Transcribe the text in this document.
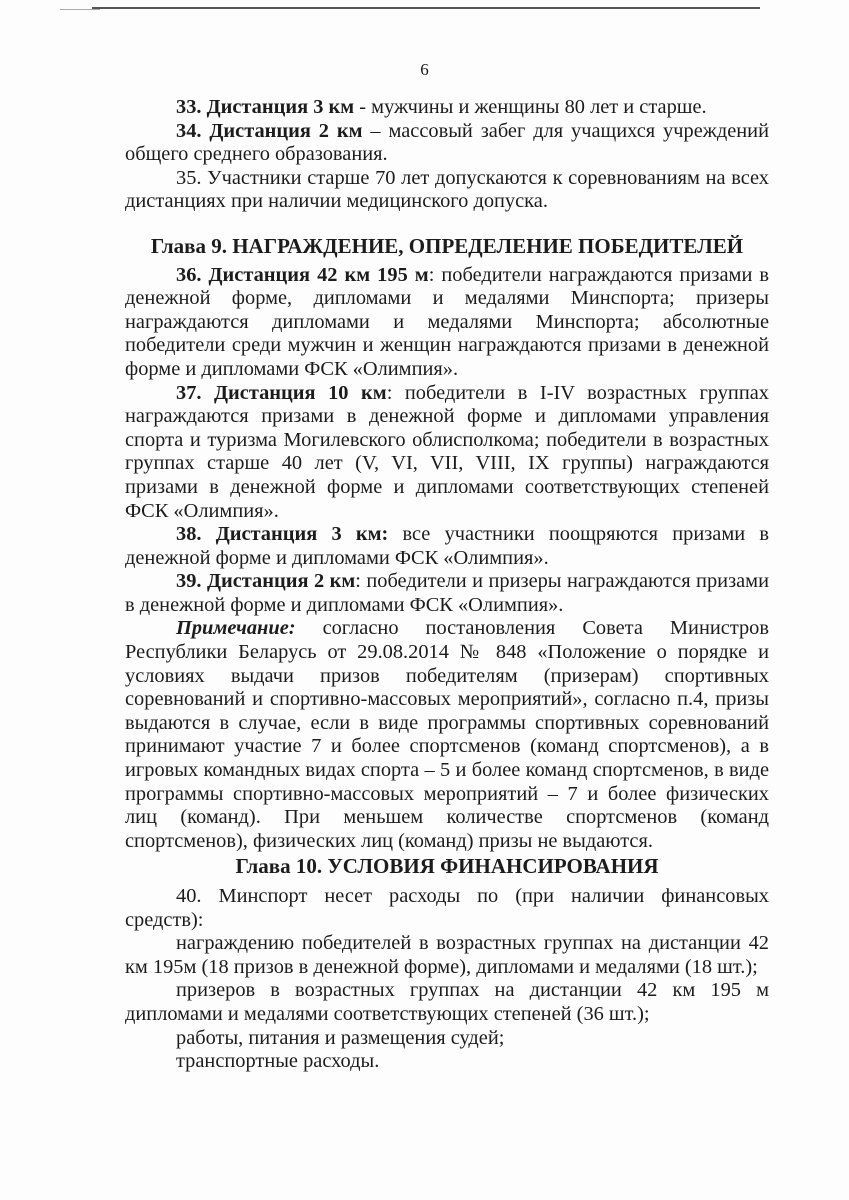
6

33. Дистанция 3 км - мужчины и женщины 80 лет и старше.

34. Дистанция 2 км – массовый забег для учащихся учреждений общего среднего образования.

35. Участники старше 70 лет допускаются к соревнованиям на всех дистанциях при наличии медицинского допуска.

Глава 9. НАГРАЖДЕНИЕ, ОПРЕДЕЛЕНИЕ ПОБЕДИТЕЛЕЙ

36. Дистанция 42 км 195 м: победители награждаются призами в денежной форме, дипломами и медалями Минспорта; призеры награждаются дипломами и медалями Минспорта; абсолютные победители среди мужчин и женщин награждаются призами в денежной форме и дипломами ФСК «Олимпия».

37. Дистанция 10 км: победители в I-IV возрастных группах награждаются призами в денежной форме и дипломами управления спорта и туризма Могилевского облисполкома; победители в возрастных группах старше 40 лет (V, VI, VII, VIII, IX группы) награждаются призами в денежной форме и дипломами соответствующих степеней ФСК «Олимпия».

38. Дистанция 3 км: все участники поощряются призами в денежной форме и дипломами ФСК «Олимпия».

39. Дистанция 2 км: победители и призеры награждаются призами в денежной форме и дипломами ФСК «Олимпия».

Примечание: согласно постановления Совета Министров Республики Беларусь от 29.08.2014 № 848 «Положение о порядке и условиях выдачи призов победителям (призерам) спортивных соревнований и спортивно-массовых мероприятий», согласно п.4, призы выдаются в случае, если в виде программы спортивных соревнований принимают участие 7 и более спортсменов (команд спортсменов), а в игровых командных видах спорта – 5 и более команд спортсменов, в виде программы спортивно-массовых мероприятий – 7 и более физических лиц (команд). При меньшем количестве спортсменов (команд спортсменов), физических лиц (команд) призы не выдаются.

Глава 10. УСЛОВИЯ ФИНАНСИРОВАНИЯ

40. Минспорт несет расходы по (при наличии финансовых средств):

награждению победителей в возрастных группах на дистанции 42 км 195м (18 призов в денежной форме), дипломами и медалями (18 шт.);

призеров в возрастных группах на дистанции 42 км 195 м дипломами и медалями соответствующих степеней (36 шт.);

работы, питания и размещения судей;

транспортные расходы.
